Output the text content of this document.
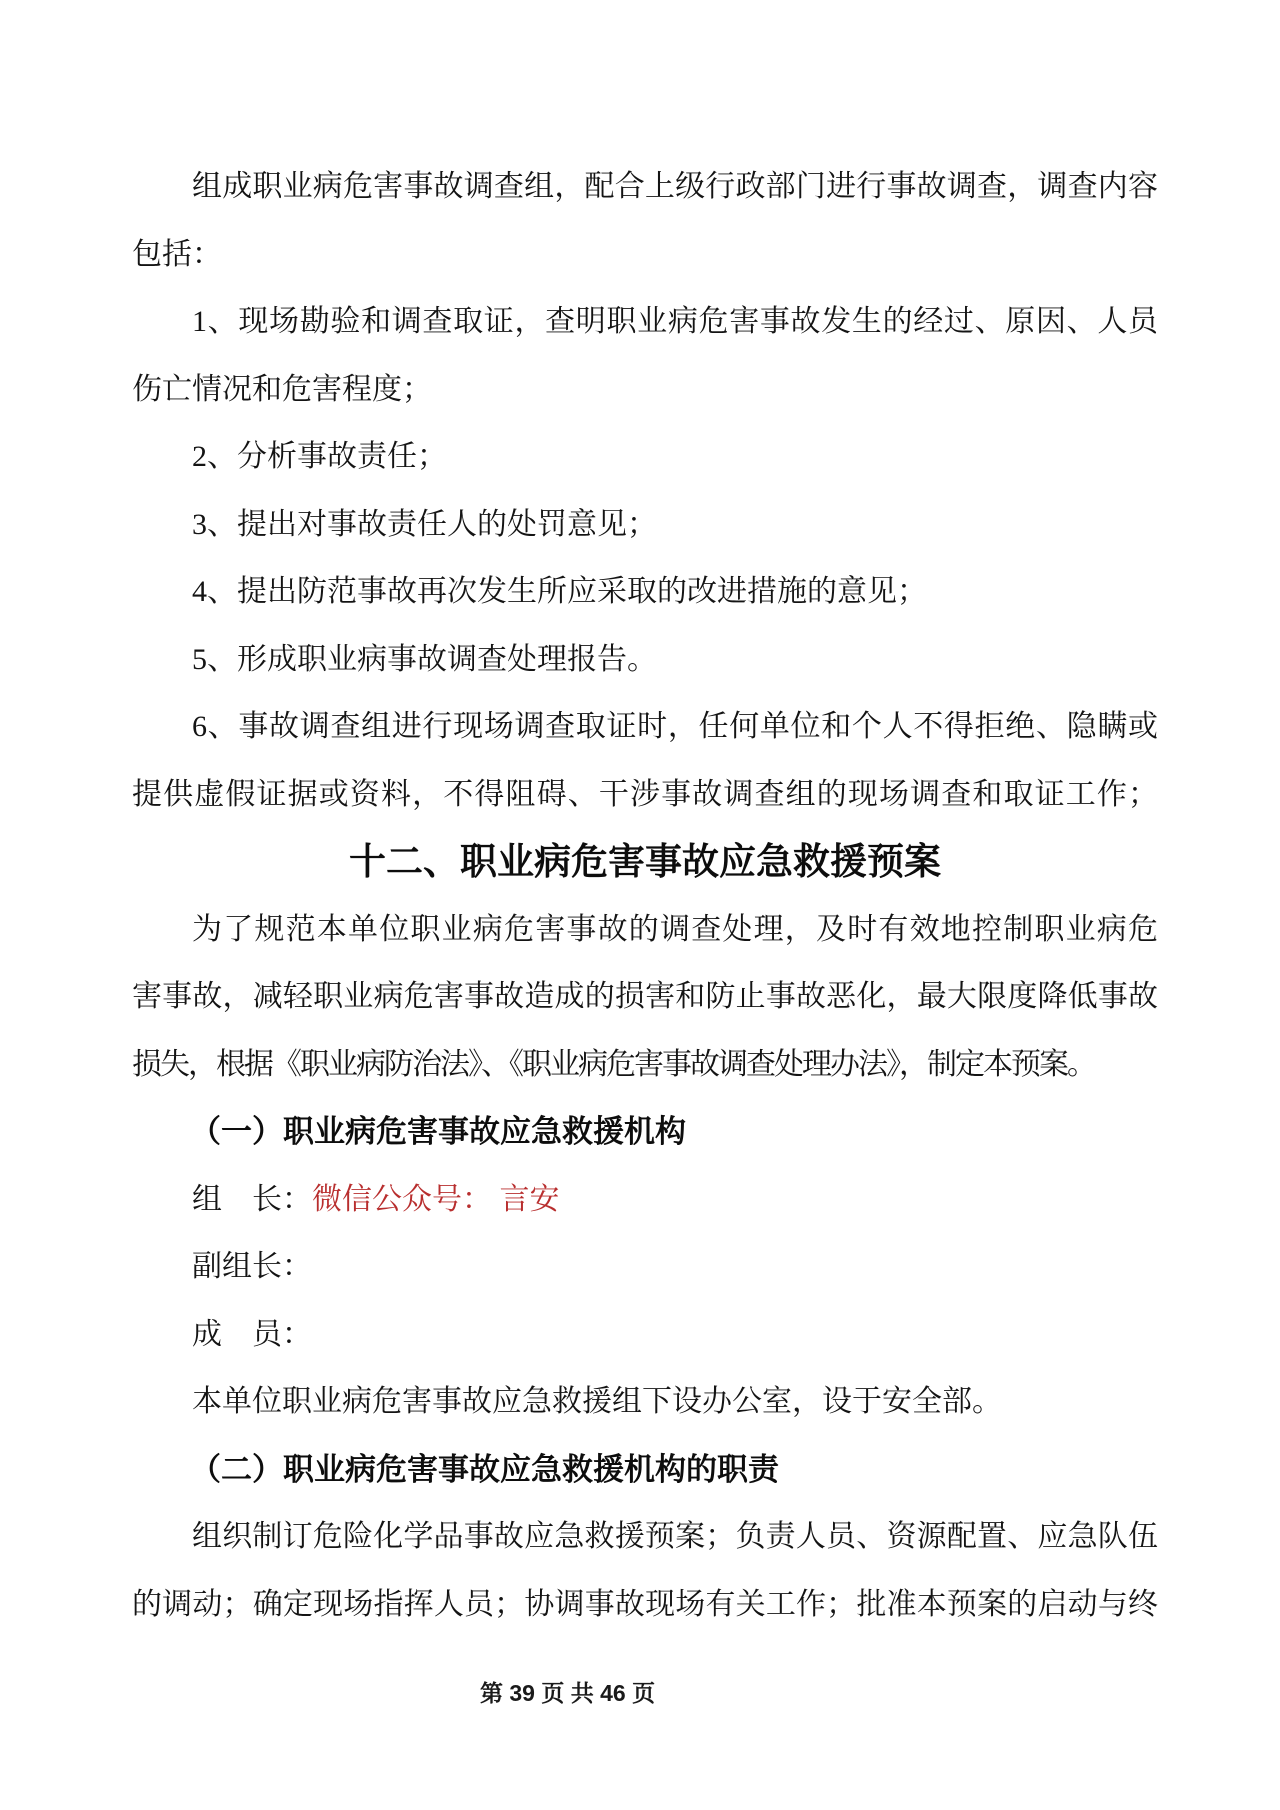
组成职业病危害事故调查组，配合上级行政部门进行事故调查，调查内容
包括：
1、现场勘验和调查取证，查明职业病危害事故发生的经过、原因、人员
伤亡情况和危害程度；
2、分析事故责任；
3、提出对事故责任人的处罚意见；
4、提出防范事故再次发生所应采取的改进措施的意见；
5、形成职业病事故调查处理报告。
6、事故调查组进行现场调查取证时，任何单位和个人不得拒绝、隐瞒或
提供虚假证据或资料，不得阻碍、干涉事故调查组的现场调查和取证工作；
十二、职业病危害事故应急救援预案
为了规范本单位职业病危害事故的调查处理，及时有效地控制职业病危
害事故，减轻职业病危害事故造成的损害和防止事故恶化，最大限度降低事故
损失，根据《职业病防治法》、《职业病危害事故调查处理办法》，制定本预案。
（一）职业病危害事故应急救援机构
组　长：微信公众号： 言安
副组长：
成　员：
本单位职业病危害事故应急救援组下设办公室，设于安全部。
（二）职业病危害事故应急救援机构的职责
组织制订危险化学品事故应急救援预案；负责人员、资源配置、应急队伍
的调动；确定现场指挥人员；协调事故现场有关工作；批准本预案的启动与终
第 39 页 共 46 页
